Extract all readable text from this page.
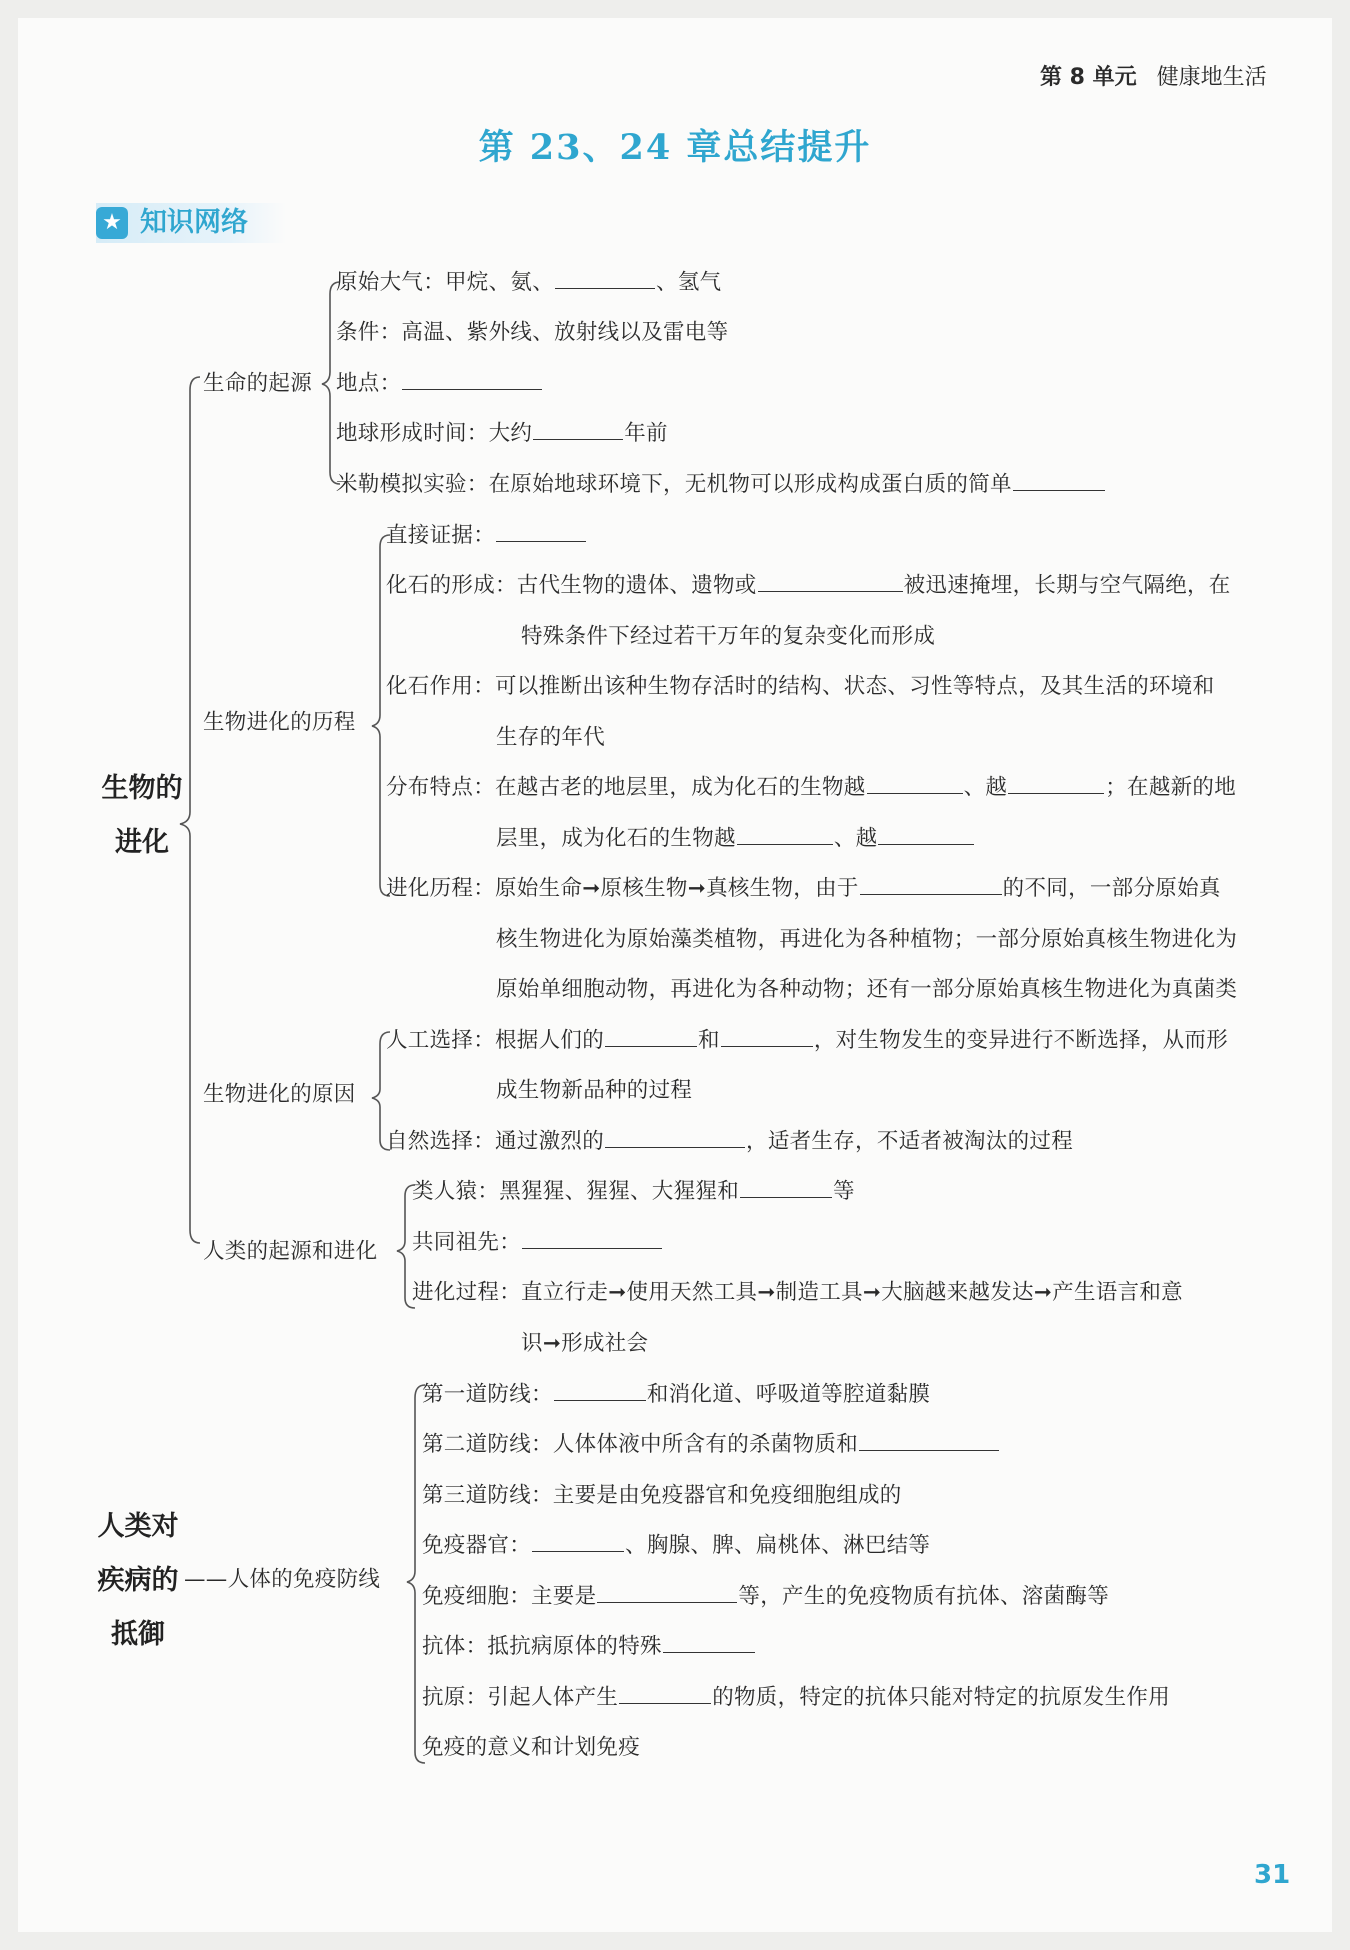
第 8 单元 健康地生活
第 23、24 章总结提升
★ 知识网络
生物的
进化
人类对
疾病的
抵御
生命的起源
生物进化的历程
生物进化的原因
人类的起源和进化
——人体的免疫防线
原始大气：甲烷、氨、	、氢气
条件：高温、紫外线、放射线以及雷电等
地点：
地球形成时间：大约	年前
米勒模拟实验：在原始地球环境下，无机物可以形成构成蛋白质的简单
直接证据：
化石的形成：古代生物的遗体、遗物或	被迅速掩埋，长期与空气隔绝，在
特殊条件下经过若干万年的复杂变化而形成
化石作用：可以推断出该种生物存活时的结构、状态、习性等特点，及其生活的环境和
生存的年代
分布特点：在越古老的地层里，成为化石的生物越	、越	；在越新的地
层里，成为化石的生物越	、越
进化历程：原始生命➞原核生物➞真核生物，由于	的不同，一部分原始真
核生物进化为原始藻类植物，再进化为各种植物；一部分原始真核生物进化为
原始单细胞动物，再进化为各种动物；还有一部分原始真核生物进化为真菌类
人工选择：根据人们的	和	，对生物发生的变异进行不断选择，从而形
成生物新品种的过程
自然选择：通过激烈的	，适者生存，不适者被淘汰的过程
类人猿：黑猩猩、猩猩、大猩猩和	等
共同祖先：
进化过程：直立行走➞使用天然工具➞制造工具➞大脑越来越发达➞产生语言和意
识➞形成社会
第一道防线：	和消化道、呼吸道等腔道黏膜
第二道防线：人体体液中所含有的杀菌物质和
第三道防线：主要是由免疫器官和免疫细胞组成的
免疫器官：	、胸腺、脾、扁桃体、淋巴结等
免疫细胞：主要是	等，产生的免疫物质有抗体、溶菌酶等
抗体：抵抗病原体的特殊
抗原：引起人体产生	的物质，特定的抗体只能对特定的抗原发生作用
免疫的意义和计划免疫
31
